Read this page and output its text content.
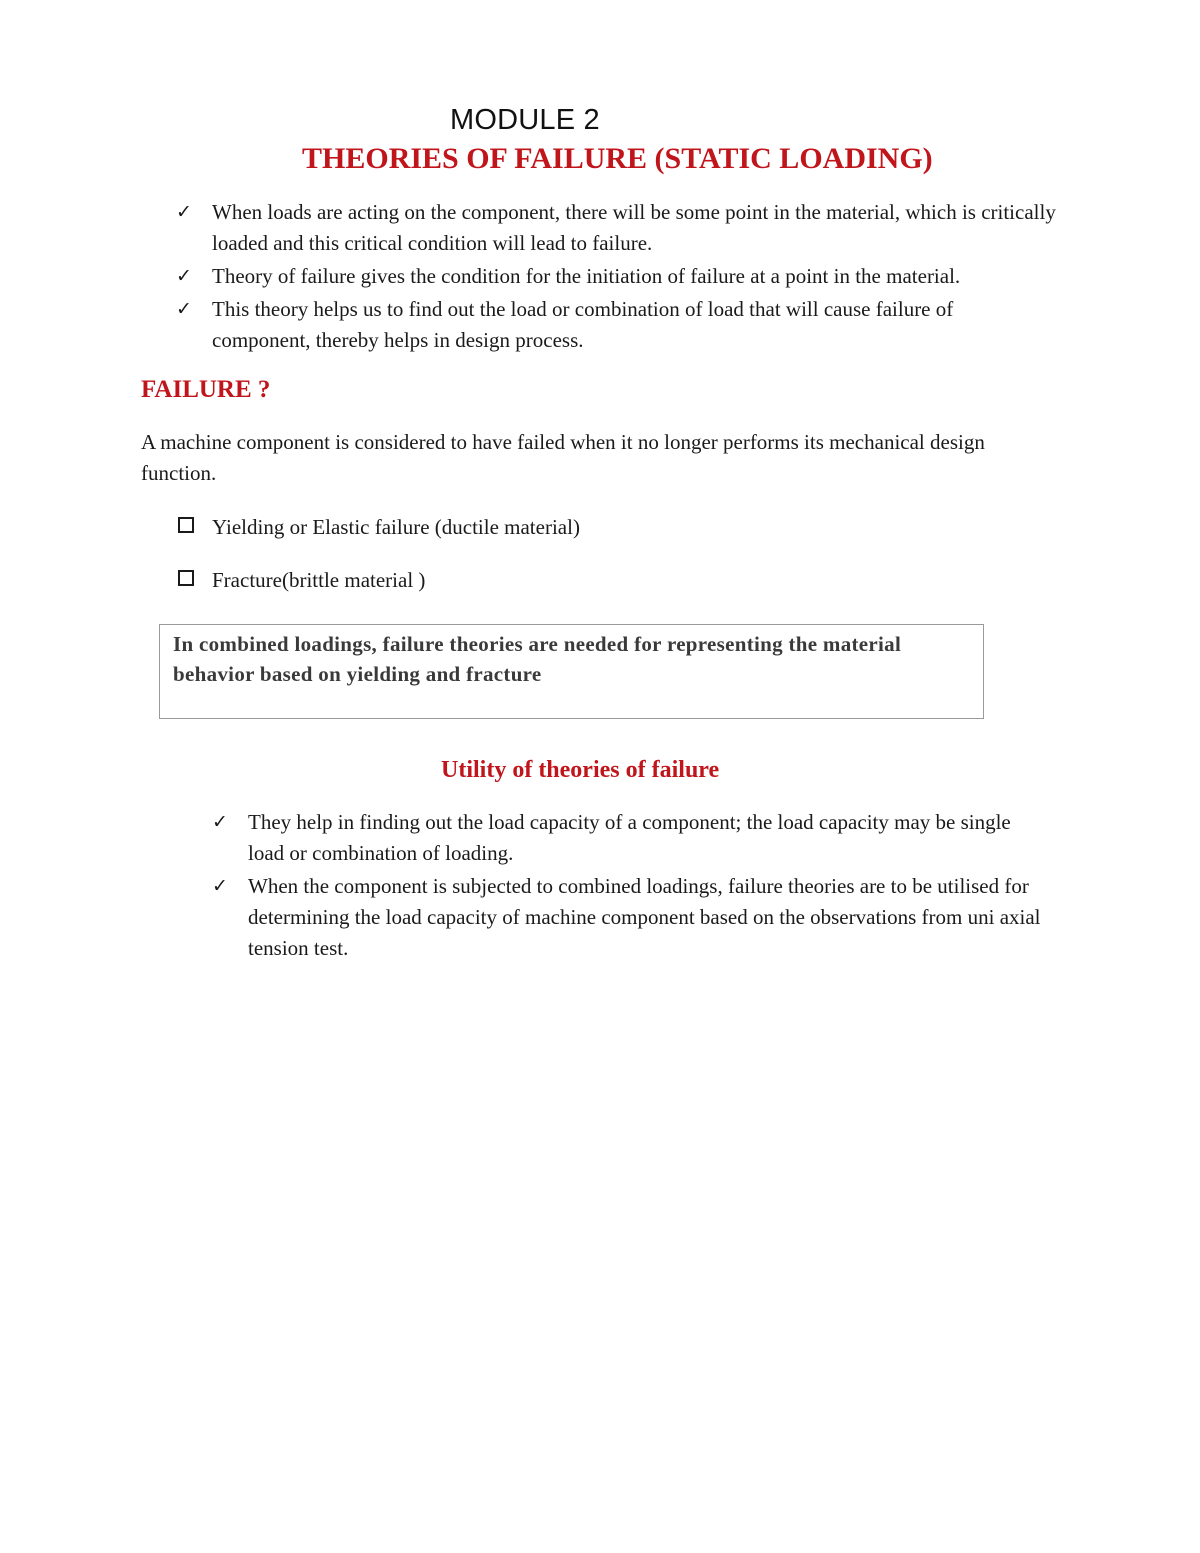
MODULE 2
THEORIES OF FAILURE (STATIC LOADING)
✓ When loads are acting on the component, there will be some point in the material, which is critically loaded and this critical condition will lead to failure.
✓ Theory of failure gives the condition for the initiation of failure at a point in the material.
✓ This theory helps us to find out the load or combination of load that will cause failure of component, thereby helps in design process.
FAILURE ?

A machine component is considered to have failed when it no longer performs its mechanical design function.

Yielding or Elastic failure (ductile material)
Fracture(brittle material )

In combined loadings, failure theories are needed for representing the material behavior based on yielding and fracture

Utility of theories of failure
✓ They help in finding out the load capacity of a component; the load capacity may be single load or combination of loading.
✓ When the component is subjected to combined loadings, failure theories are to be utilised for determining the load capacity of machine component based on the observations from uni axial tension test.
